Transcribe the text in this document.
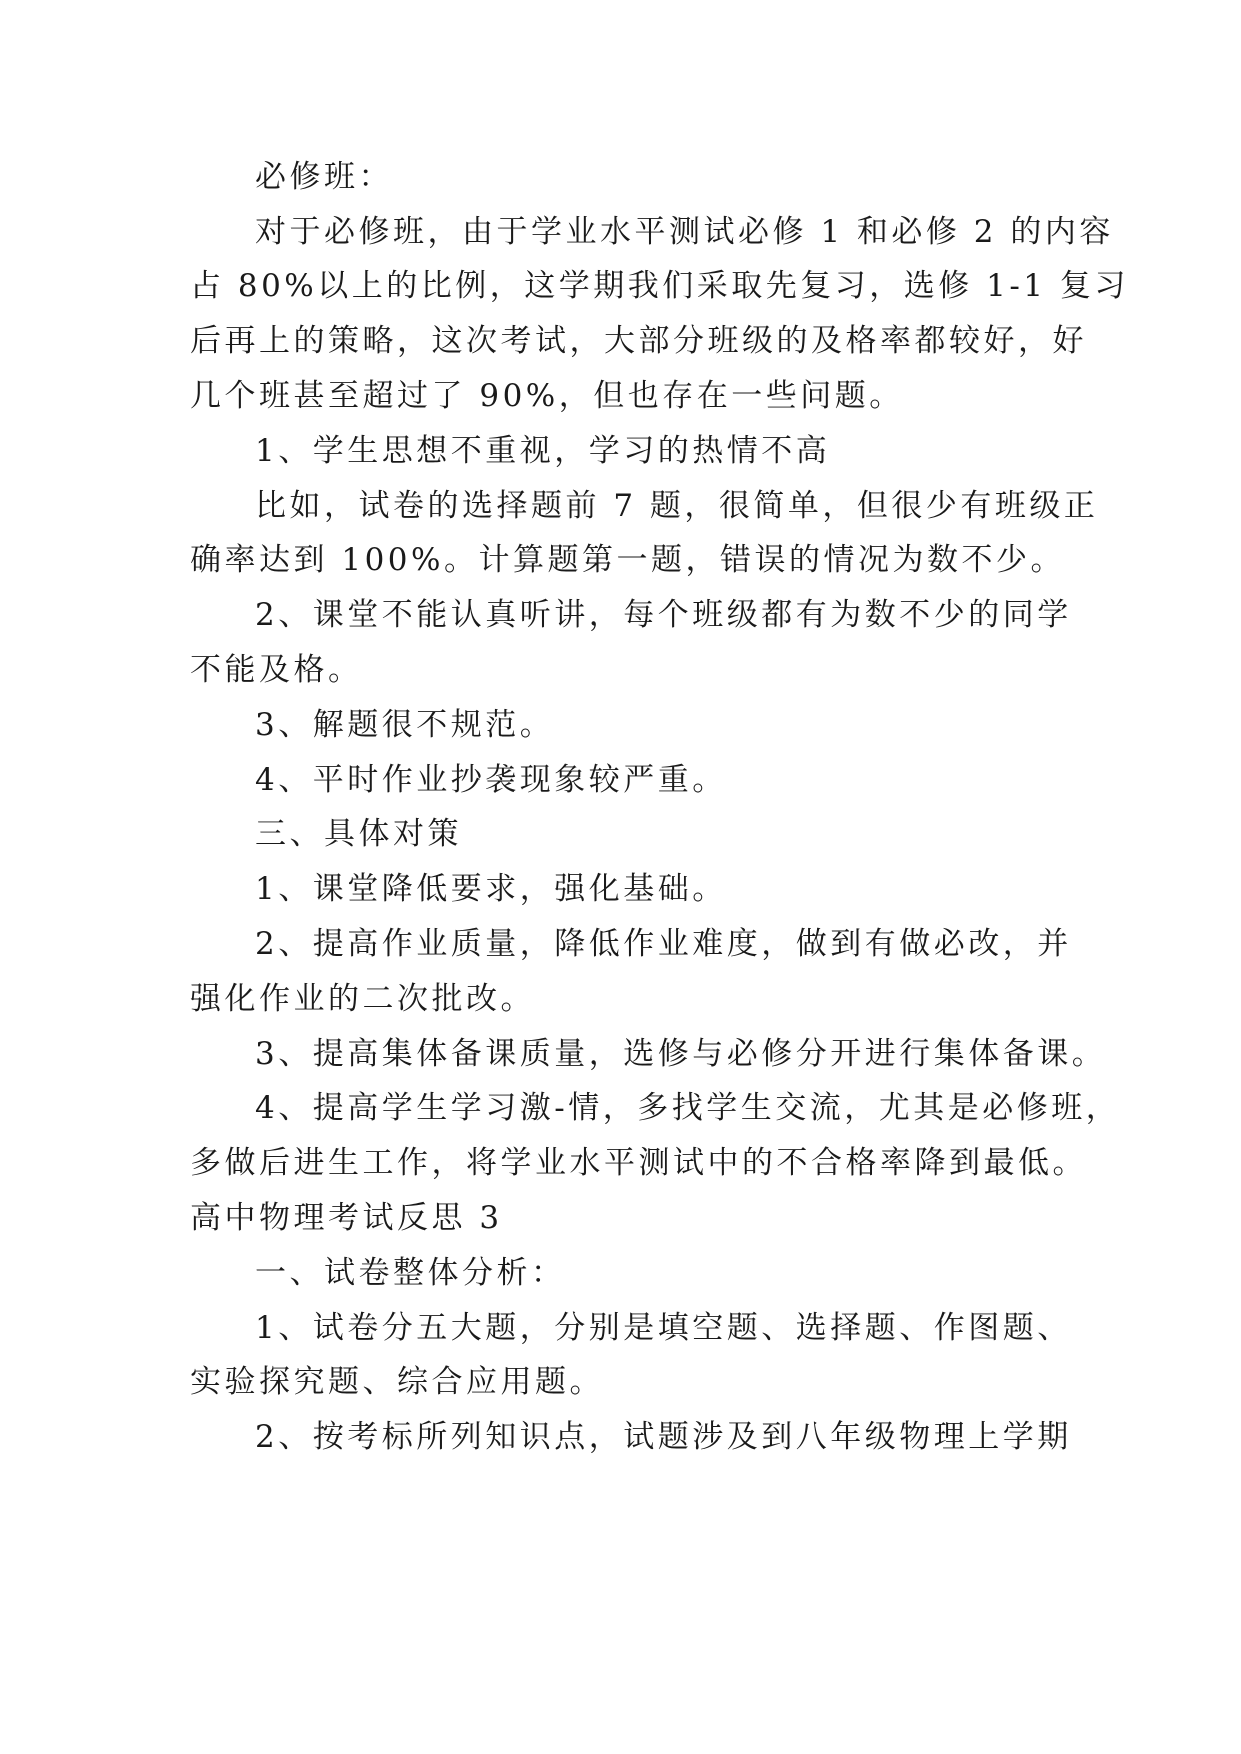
必修班：
对于必修班，由于学业水平测试必修 1 和必修 2 的内容
占 80%以上的比例，这学期我们采取先复习，选修 1-1 复习
后再上的策略，这次考试，大部分班级的及格率都较好，好
几个班甚至超过了 90%，但也存在一些问题。
1、学生思想不重视，学习的热情不高
比如，试卷的选择题前 7 题，很简单，但很少有班级正
确率达到 100%。计算题第一题，错误的情况为数不少。
2、课堂不能认真听讲，每个班级都有为数不少的同学
不能及格。
3、解题很不规范。
4、平时作业抄袭现象较严重。
三、具体对策
1、课堂降低要求，强化基础。
2、提高作业质量，降低作业难度，做到有做必改，并
强化作业的二次批改。
3、提高集体备课质量，选修与必修分开进行集体备课。
4、提高学生学习激-情，多找学生交流，尤其是必修班，
多做后进生工作，将学业水平测试中的不合格率降到最低。
高中物理考试反思 3
一、试卷整体分析：
1、试卷分五大题，分别是填空题、选择题、作图题、
实验探究题、综合应用题。
2、按考标所列知识点，试题涉及到八年级物理上学期
